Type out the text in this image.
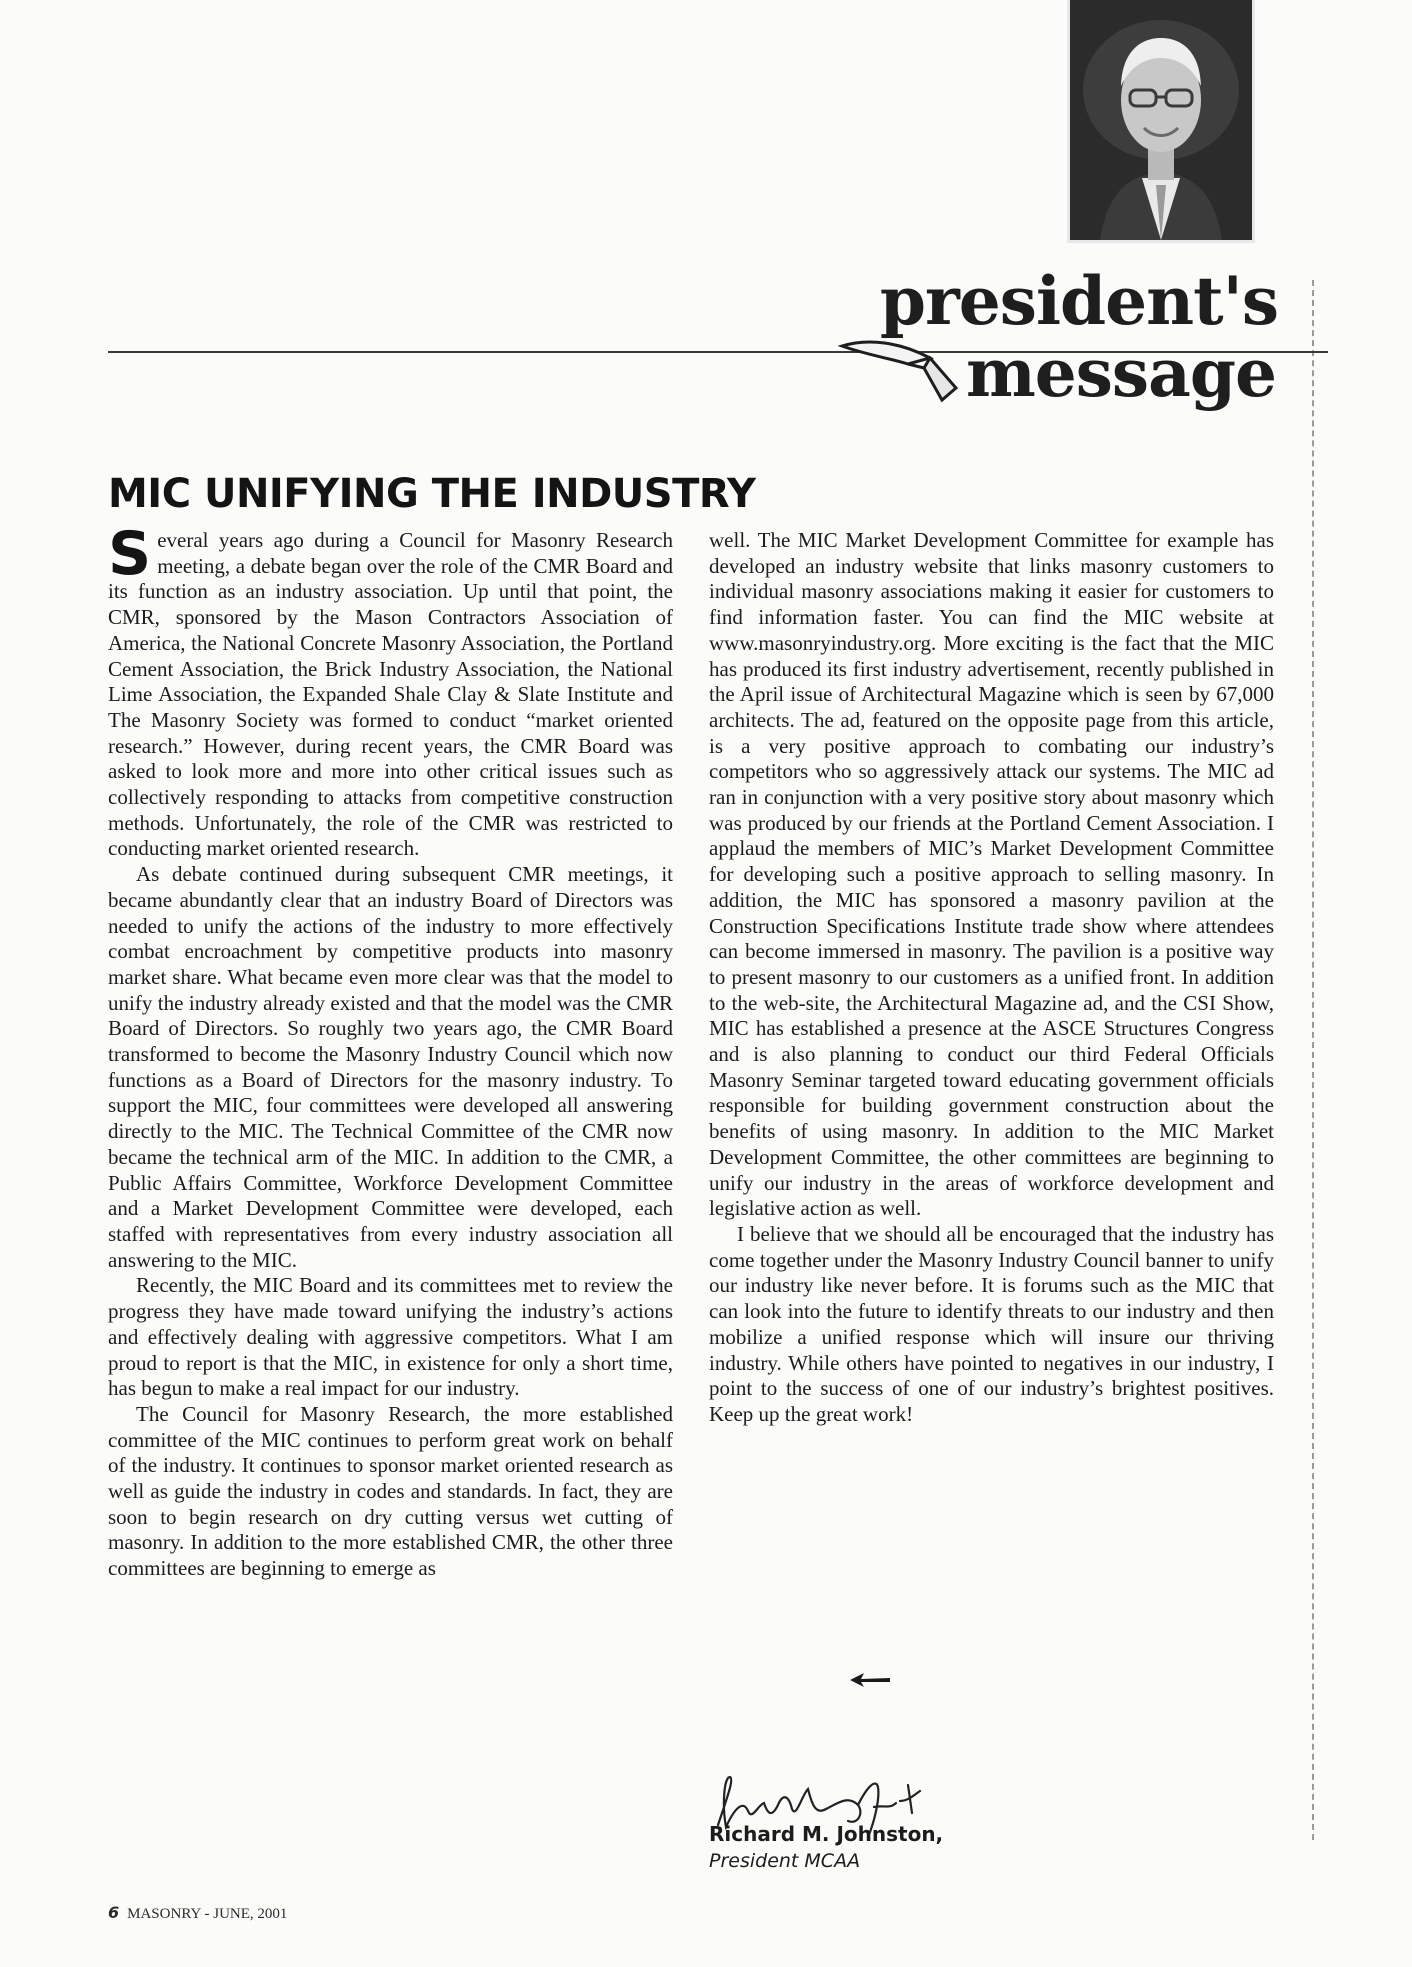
president's
message
MIC UNIFYING THE INDUSTRY

Several years ago during a Council for Masonry Research meeting, a debate began over the role of the CMR Board and its function as an industry association. Up until that point, the CMR, sponsored by the Mason Contractors Association of America, the National Concrete Masonry Association, the Portland Cement Association, the Brick Industry Association, the National Lime Association, the Expanded Shale Clay & Slate Institute and The Masonry Society was formed to conduct “market oriented research.” However, during recent years, the CMR Board was asked to look more and more into other critical issues such as collectively responding to attacks from competitive construction methods. Unfortunately, the role of the CMR was restricted to conducting market oriented research.

As debate continued during subsequent CMR meetings, it became abundantly clear that an industry Board of Directors was needed to unify the actions of the industry to more effectively combat encroachment by competitive products into masonry market share. What became even more clear was that the model to unify the industry already existed and that the model was the CMR Board of Directors. So roughly two years ago, the CMR Board transformed to become the Masonry Industry Council which now functions as a Board of Directors for the masonry industry. To support the MIC, four committees were developed all answering directly to the MIC. The Technical Committee of the CMR now became the technical arm of the MIC. In addition to the CMR, a Public Affairs Committee, Workforce Development Committee and a Market Development Committee were developed, each staffed with representatives from every industry association all answering to the MIC.

Recently, the MIC Board and its committees met to review the progress they have made toward unifying the industry’s actions and effectively dealing with aggressive competitors. What I am proud to report is that the MIC, in existence for only a short time, has begun to make a real impact for our industry.

The Council for Masonry Research, the more established committee of the MIC continues to perform great work on behalf of the industry. It continues to sponsor market oriented research as well as guide the industry in codes and standards. In fact, they are soon to begin research on dry cutting versus wet cutting of masonry. In addition to the more established CMR, the other three committees are beginning to emerge as

well. The MIC Market Development Committee for example has developed an industry website that links masonry customers to individual masonry associations making it easier for customers to find information faster. You can find the MIC website at www.masonryindustry.org. More exciting is the fact that the MIC has produced its first industry advertisement, recently published in the April issue of Architectural Magazine which is seen by 67,000 architects. The ad, featured on the opposite page from this article, is a very positive approach to combating our industry’s competitors who so aggressively attack our systems. The MIC ad ran in conjunction with a very positive story about masonry which was produced by our friends at the Portland Cement Association. I applaud the members of MIC’s Market Development Committee for developing such a positive approach to selling masonry. In addition, the MIC has sponsored a masonry pavilion at the Construction Specifications Institute trade show where attendees can become immersed in masonry. The pavilion is a positive way to present masonry to our customers as a unified front. In addition to the web-site, the Architectural Magazine ad, and the CSI Show, MIC has established a presence at the ASCE Structures Congress and is also planning to conduct our third Federal Officials Masonry Seminar targeted toward educating government officials responsible for building government construction about the benefits of using masonry. In addition to the MIC Market Development Committee, the other committees are beginning to unify our industry in the areas of workforce development and legislative action as well.

I believe that we should all be encouraged that the industry has come together under the Masonry Industry Council banner to unify our industry like never before. It is forums such as the MIC that can look into the future to identify threats to our industry and then mobilize a unified response which will insure our thriving industry. While others have pointed to negatives in our industry, I point to the success of one of our industry’s brightest positives. Keep up the great work!

Richard M. Johnston,
President MCAA
6 MASONRY - JUNE, 2001
